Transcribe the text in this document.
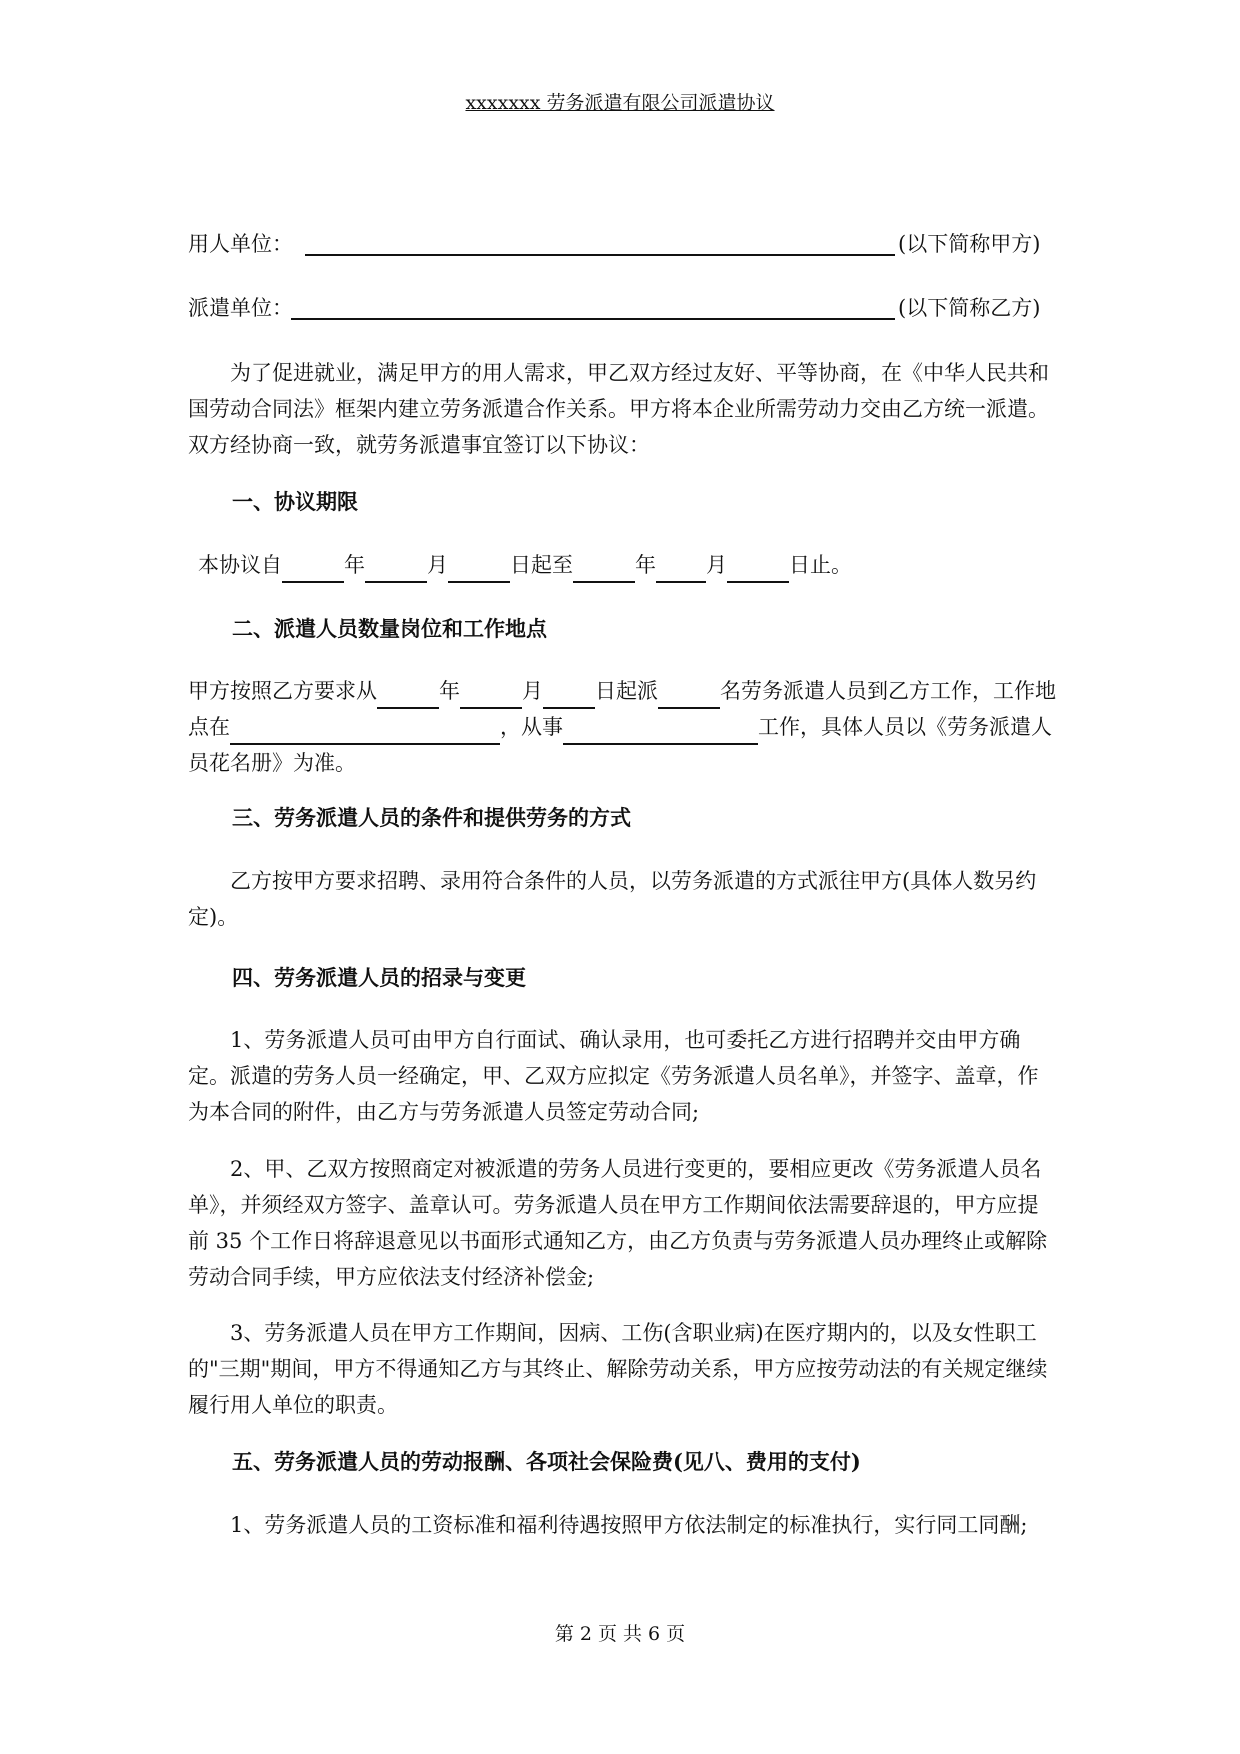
xxxxxxx 劳务派遣有限公司派遣协议
用人单位：	(以下简称甲方)
派遣单位：	(以下简称乙方)
为了促进就业，满足甲方的用人需求，甲乙双方经过友好、平等协商，在《中华人民共和国劳动合同法》框架内建立劳务派遣合作关系。甲方将本企业所需劳动力交由乙方统一派遣。双方经协商一致，就劳务派遣事宜签订以下协议：
一、协议期限
本协议自	年	月	日起至	年 月	日止。
二、派遣人员数量岗位和工作地点
甲方按照乙方要求从	年	月 日起派	名劳务派遣人员到乙方工作，工作地点在	，从事	工作，具体人员以《劳务派遣人员花名册》为准。
三、劳务派遣人员的条件和提供劳务的方式
乙方按甲方要求招聘、录用符合条件的人员，以劳务派遣的方式派往甲方(具体人数另约定)。
四、劳务派遣人员的招录与变更
1、劳务派遣人员可由甲方自行面试、确认录用，也可委托乙方进行招聘并交由甲方确定。派遣的劳务人员一经确定，甲、乙双方应拟定《劳务派遣人员名单》，并签字、盖章，作为本合同的附件，由乙方与劳务派遣人员签定劳动合同;
2、甲、乙双方按照商定对被派遣的劳务人员进行变更的，要相应更改《劳务派遣人员名单》，并须经双方签字、盖章认可。劳务派遣人员在甲方工作期间依法需要辞退的，甲方应提前 35 个工作日将辞退意见以书面形式通知乙方，由乙方负责与劳务派遣人员办理终止或解除劳动合同手续，甲方应依法支付经济补偿金;
3、劳务派遣人员在甲方工作期间，因病、工伤(含职业病)在医疗期内的，以及女性职工的"三期"期间，甲方不得通知乙方与其终止、解除劳动关系，甲方应按劳动法的有关规定继续履行用人单位的职责。
五、劳务派遣人员的劳动报酬、各项社会保险费(见八、费用的支付)
1、劳务派遣人员的工资标准和福利待遇按照甲方依法制定的标准执行，实行同工同酬;
第 2 页 共 6 页
